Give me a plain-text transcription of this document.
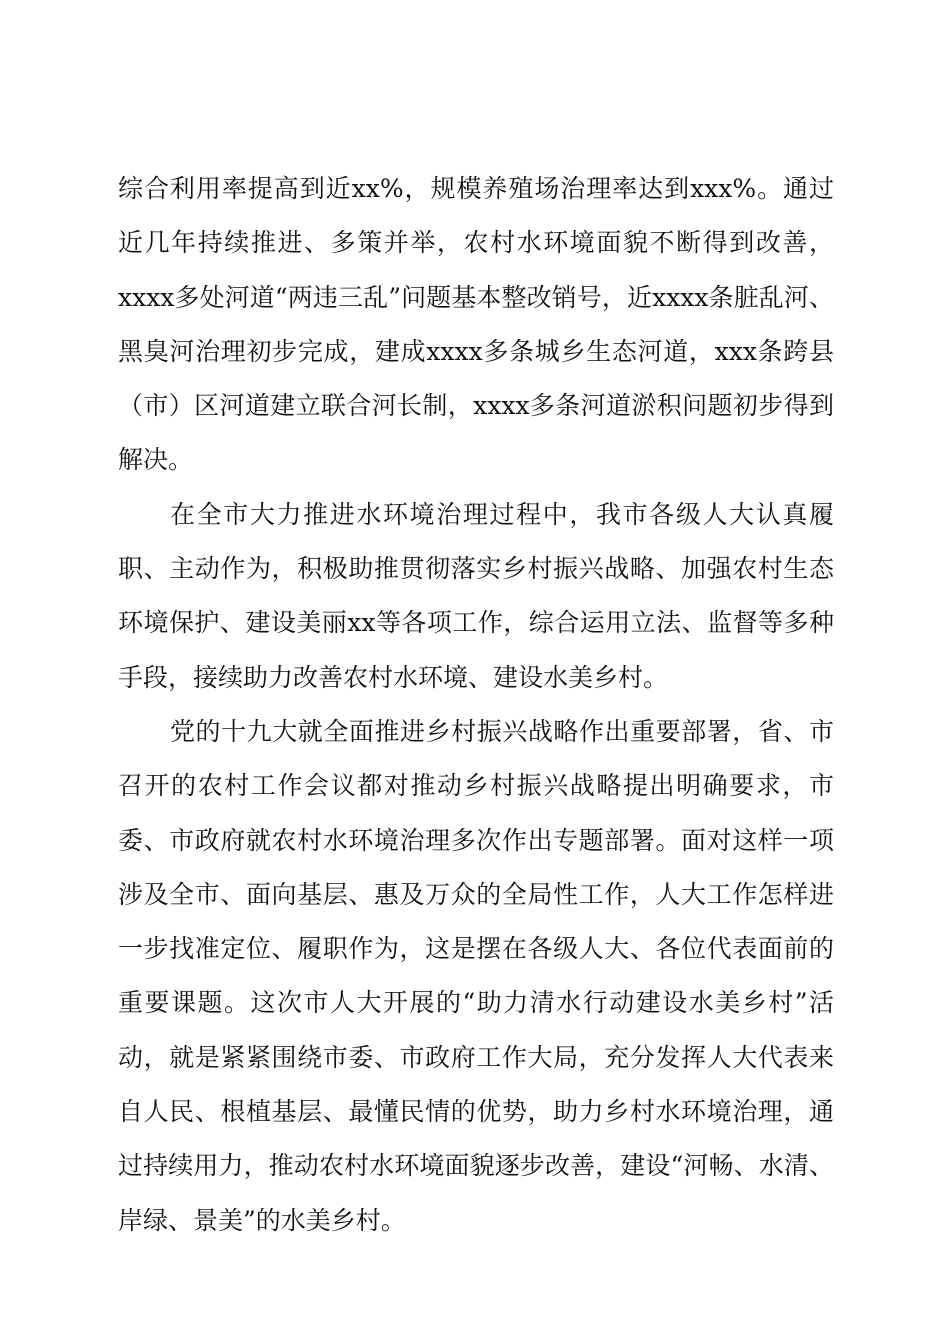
综合利用率提高到近xx%，规模养殖场治理率达到xxx%。通过近几年持续推进、多策并举，农村水环境面貌不断得到改善，xxxx多处河道“两违三乱”问题基本整改销号，近xxxx条脏乱河、黑臭河治理初步完成，建成xxxx多条城乡生态河道，xxx条跨县（市）区河道建立联合河长制，xxxx多条河道淤积问题初步得到解决。

在全市大力推进水环境治理过程中，我市各级人大认真履职、主动作为，积极助推贯彻落实乡村振兴战略、加强农村生态环境保护、建设美丽xx等各项工作，综合运用立法、监督等多种手段，接续助力改善农村水环境、建设水美乡村。

党的十九大就全面推进乡村振兴战略作出重要部署，省、市召开的农村工作会议都对推动乡村振兴战略提出明确要求，市委、市政府就农村水环境治理多次作出专题部署。面对这样一项涉及全市、面向基层、惠及万众的全局性工作，人大工作怎样进一步找准定位、履职作为，这是摆在各级人大、各位代表面前的重要课题。这次市人大开展的“助力清水行动建设水美乡村”活动，就是紧紧围绕市委、市政府工作大局，充分发挥人大代表来自人民、根植基层、最懂民情的优势，助力乡村水环境治理，通过持续用力，推动农村水环境面貌逐步改善，建设“河畅、水清、岸绿、景美”的水美乡村。
